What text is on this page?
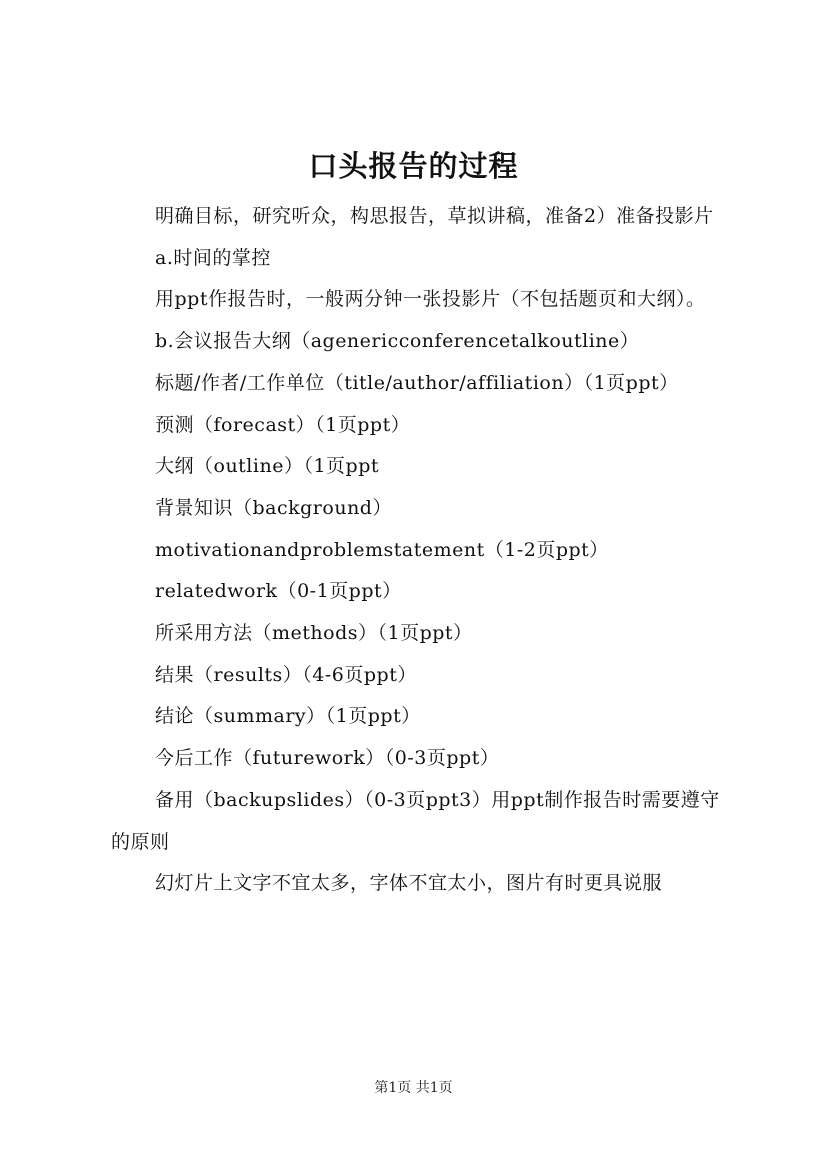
口头报告的过程

明确目标，研究听众，构思报告，草拟讲稿，准备2）准备投影片

a.时间的掌控

用ppt作报告时，一般两分钟一张投影片（不包括题页和大纲）。

b.会议报告大纲（agenericconferencetalkoutline）

标题/作者/工作单位（title/author/affiliation）（1页ppt）

预测（forecast）（1页ppt）

大纲（outline）（1页ppt

背景知识（background）

motivationandproblemstatement（1-2页ppt）

relatedwork（0-1页ppt）

所采用方法（methods）（1页ppt）

结果（results）（4-6页ppt）

结论（summary）（1页ppt）

今后工作（futurework）（0-3页ppt）

备用（backupslides）（0-3页ppt3）用ppt制作报告时需要遵守的原则

幻灯片上文字不宜太多，字体不宜太小，图片有时更具说服

第1页 共1页
